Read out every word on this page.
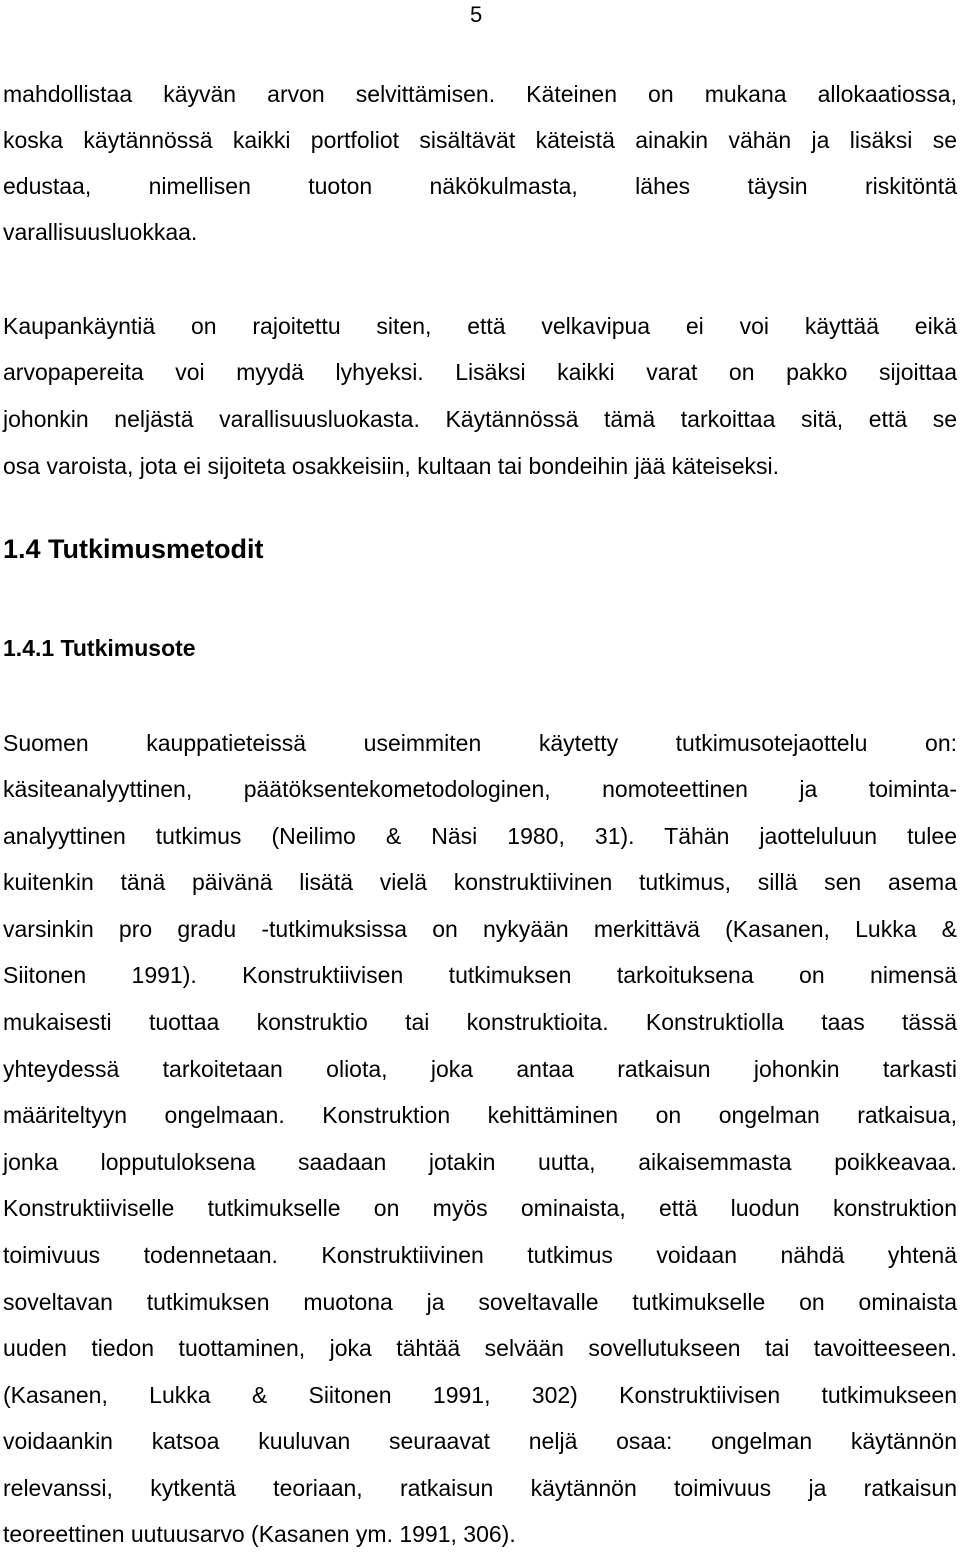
5
mahdollistaa käyvän arvon selvittämisen. Käteinen on mukana allokaatiossa,
koska käytännössä kaikki portfoliot sisältävät käteistä ainakin vähän ja lisäksi se
edustaa, nimellisen tuoton näkökulmasta, lähes täysin riskitöntä
varallisuusluokkaa.
Kaupankäyntiä on rajoitettu siten, että velkavipua ei voi käyttää eikä
arvopapereita voi myydä lyhyeksi. Lisäksi kaikki varat on pakko sijoittaa
johonkin neljästä varallisuusluokasta. Käytännössä tämä tarkoittaa sitä, että se
osa varoista, jota ei sijoiteta osakkeisiin, kultaan tai bondeihin jää käteiseksi.
1.4 Tutkimusmetodit
1.4.1 Tutkimusote
Suomen kauppatieteissä useimmiten käytetty tutkimusotejaottelu on:
käsiteanalyyttinen, päätöksentekometodologinen, nomoteettinen ja toiminta-
analyyttinen tutkimus (Neilimo & Näsi 1980, 31). Tähän jaotteluluun tulee
kuitenkin tänä päivänä lisätä vielä konstruktiivinen tutkimus, sillä sen asema
varsinkin pro gradu -tutkimuksissa on nykyään merkittävä (Kasanen, Lukka &
Siitonen 1991). Konstruktiivisen tutkimuksen tarkoituksena on nimensä
mukaisesti tuottaa konstruktio tai konstruktioita. Konstruktiolla taas tässä
yhteydessä tarkoitetaan oliota, joka antaa ratkaisun johonkin tarkasti
määriteltyyn ongelmaan. Konstruktion kehittäminen on ongelman ratkaisua,
jonka lopputuloksena saadaan jotakin uutta, aikaisemmasta poikkeavaa.
Konstruktiiviselle tutkimukselle on myös ominaista, että luodun konstruktion
toimivuus todennetaan. Konstruktiivinen tutkimus voidaan nähdä yhtenä
soveltavan tutkimuksen muotona ja soveltavalle tutkimukselle on ominaista
uuden tiedon tuottaminen, joka tähtää selvään sovellutukseen tai tavoitteeseen.
(Kasanen, Lukka & Siitonen 1991, 302) Konstruktiivisen tutkimukseen
voidaankin katsoa kuuluvan seuraavat neljä osaa: ongelman käytännön
relevanssi, kytkentä teoriaan, ratkaisun käytännön toimivuus ja ratkaisun
teoreettinen uutuusarvo (Kasanen ym. 1991, 306).
